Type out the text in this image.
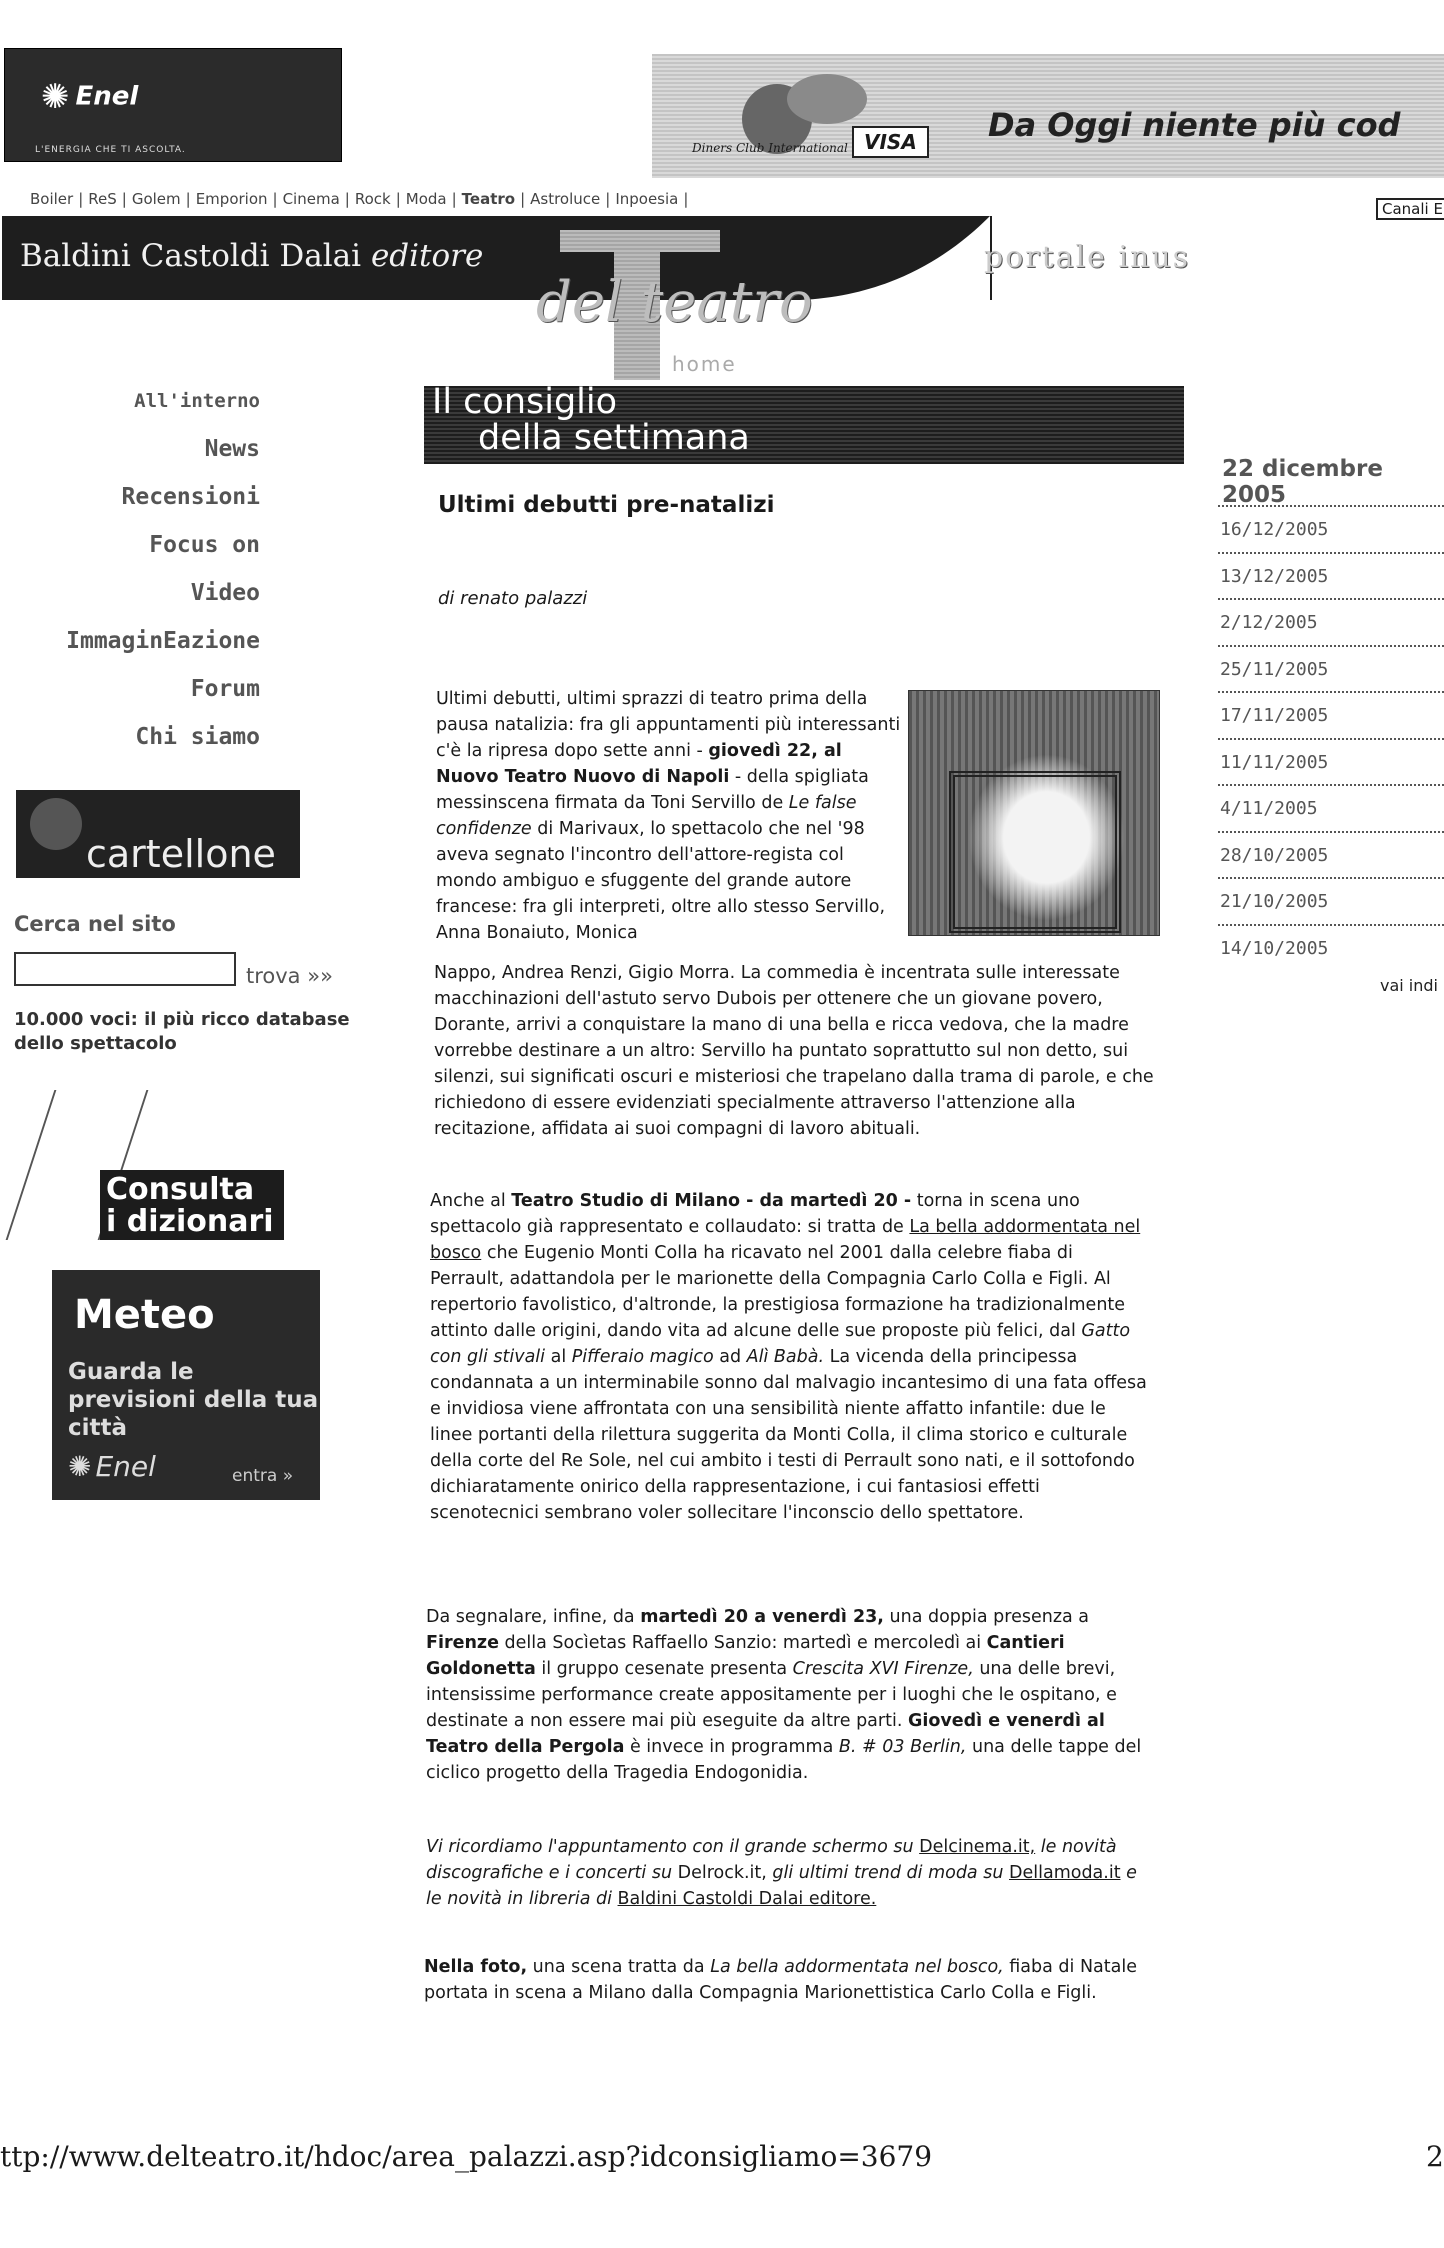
✺ Enel
L'ENERGIA CHE TI ASCOLTA.	Diners Club International VISA	Da Oggi niente più cod
Boiler | ReS | Golem | Emporion | Cinema | Rock | Moda | Teatro | Astroluce | Inpoesia |
Canali E
Baldini Castoldi Dalai editore
del teatro
home
portale inus
All'interno
News
Recensioni
Focus on
Video
ImmaginEazione
Forum
Chi siamo
cartellone
Cerca nel sito
trova »»
10.000 voci: il più ricco database dello spettacolo
Consulta
i dizionari
Meteo
Guarda le previsioni della tua città
✺ Enel	entra »
Il consiglio
della settimana
Ultimi debutti pre-natalizi
di renato palazzi
Ultimi debutti, ultimi sprazzi di teatro prima della pausa natalizia: fra gli appuntamenti più interessanti c'è la ripresa dopo sette anni - giovedì 22, al Nuovo Teatro Nuovo di Napoli - della spigliata messinscena firmata da Toni Servillo de Le false confidenze di Marivaux, lo spettacolo che nel '98 aveva segnato l'incontro dell'attore-regista col mondo ambiguo e sfuggente del grande autore francese: fra gli interpreti, oltre allo stesso Servillo, Anna Bonaiuto, Monica
Nappo, Andrea Renzi, Gigio Morra. La commedia è incentrata sulle interessate macchinazioni dell'astuto servo Dubois per ottenere che un giovane povero, Dorante, arrivi a conquistare la mano di una bella e ricca vedova, che la madre vorrebbe destinare a un altro: Servillo ha puntato soprattutto sul non detto, sui silenzi, sui significati oscuri e misteriosi che trapelano dalla trama di parole, e che richiedono di essere evidenziati specialmente attraverso l'attenzione alla recitazione, affidata ai suoi compagni di lavoro abituali.
Anche al Teatro Studio di Milano - da martedì 20 - torna in scena uno spettacolo già rappresentato e collaudato: si tratta de La bella addormentata nel bosco che Eugenio Monti Colla ha ricavato nel 2001 dalla celebre fiaba di Perrault, adattandola per le marionette della Compagnia Carlo Colla e Figli. Al repertorio favolistico, d'altronde, la prestigiosa formazione ha tradizionalmente attinto dalle origini, dando vita ad alcune delle sue proposte più felici, dal Gatto con gli stivali al Pifferaio magico ad Alì Babà. La vicenda della principessa condannata a un interminabile sonno dal malvagio incantesimo di una fata offesa e invidiosa viene affrontata con una sensibilità niente affatto infantile: due le linee portanti della rilettura suggerita da Monti Colla, il clima storico e culturale della corte del Re Sole, nel cui ambito i testi di Perrault sono nati, e il sottofondo dichiaratamente onirico della rappresentazione, i cui fantasiosi effetti scenotecnici sembrano voler sollecitare l'inconscio dello spettatore.
Da segnalare, infine, da martedì 20 a venerdì 23, una doppia presenza a Firenze della Socìetas Raffaello Sanzio: martedì e mercoledì ai Cantieri Goldonetta il gruppo cesenate presenta Crescita XVI Firenze, una delle brevi, intensissime performance create appositamente per i luoghi che le ospitano, e destinate a non essere mai più eseguite da altre parti. Giovedì e venerdì al Teatro della Pergola è invece in programma B. # 03 Berlin, una delle tappe del ciclico progetto della Tragedia Endogonidia.
Vi ricordiamo l'appuntamento con il grande schermo su Delcinema.it, le novità discografiche e i concerti su Delrock.it, gli ultimi trend di moda su Dellamoda.it e le novità in libreria di Baldini Castoldi Dalai editore.
Nella foto, una scena tratta da La bella addormentata nel bosco, fiaba di Natale portata in scena a Milano dalla Compagnia Marionettistica Carlo Colla e Figli.
22 dicembre 2005
16/12/2005
13/12/2005
2/12/2005
25/11/2005
17/11/2005
11/11/2005
4/11/2005
28/10/2005
21/10/2005
14/10/2005
vai indi
ttp://www.delteatro.it/hdoc/area_palazzi.asp?idconsigliamo=3679	2
